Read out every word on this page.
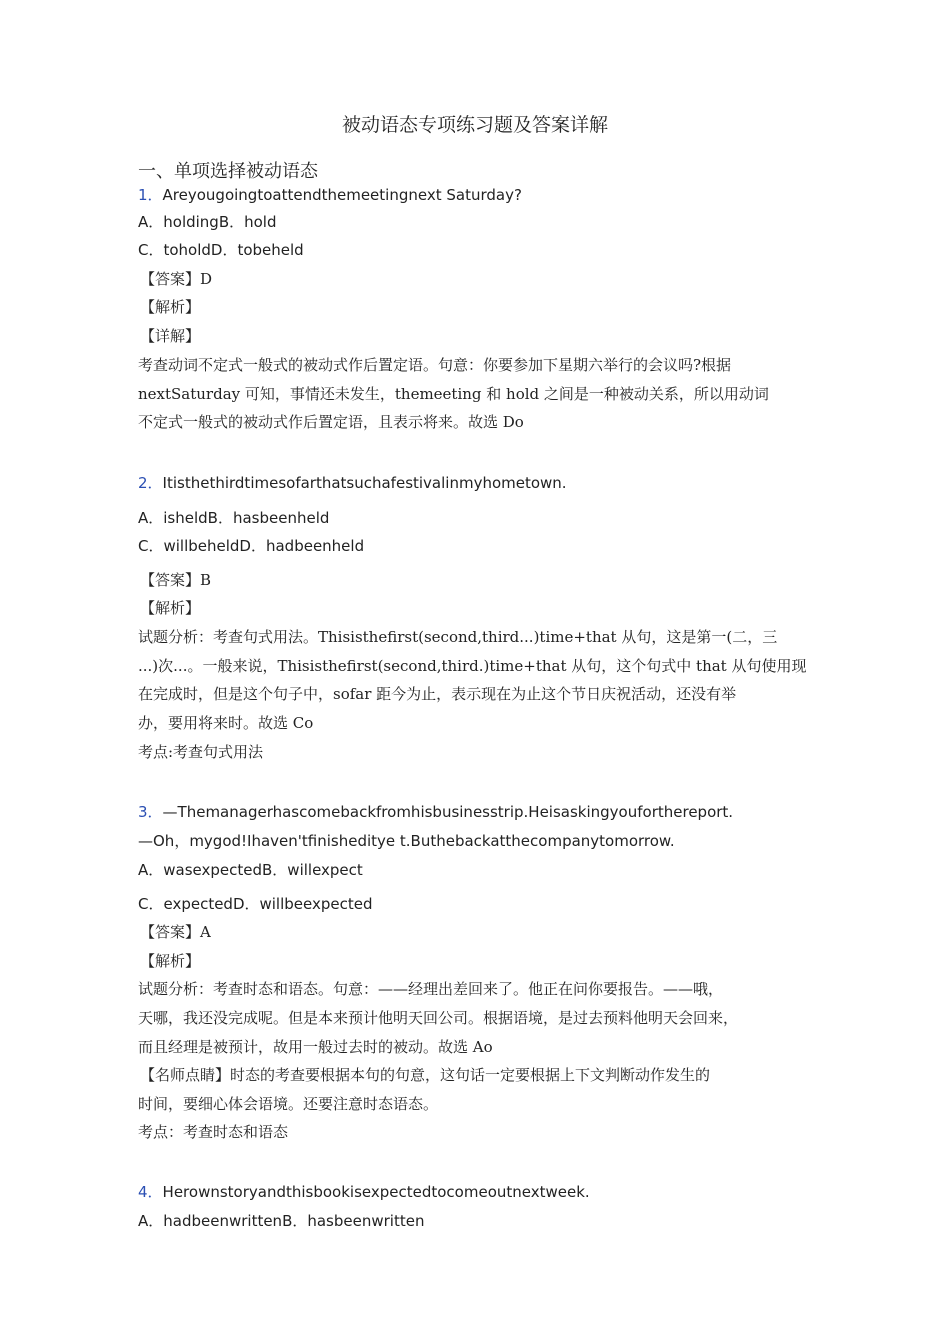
被动语态专项练习题及答案详解
一、单项选择被动语态
1．Areyougoingtoattendthemeetingnext Saturday?
A．holdingB．hold
C．toholdD．tobeheld
【答案】D
【解析】
【详解】
考查动词不定式一般式的被动式作后置定语。句意：你要参加下星期六举行的会议吗?根据
nextSaturday 可知，事情还未发生，themeeting 和 hold 之间是一种被动关系，所以用动词
不定式一般式的被动式作后置定语，且表示将来。故选 Do
2．Itisthethirdtimesofarthatsuchafestivalinmyhometown.
A．isheldB．hasbeenheld
C．willbeheldD．hadbeenheld
【答案】B
【解析】
试题分析：考查句式用法。Thisisthefirst(second,third...)time+that 从句，这是第一(二，三
...)次...。一般来说，Thisisthefirst(second,third.)time+that 从句，这个句式中 that 从句使用现
在完成时，但是这个句子中，sofar 距今为止，表示现在为止这个节日庆祝活动，还没有举
办，要用将来时。故选 Co
考点:考查句式用法
3．—Themanagerhascomebackfromhisbusinesstrip.Heisaskingyouforthereport.
—Oh，mygod!Ihaven'tfinisheditye t.Buthebackatthecompanytomorrow.
A．wasexpectedB．willexpect
C．expectedD．willbeexpected
【答案】A
【解析】
试题分析：考查时态和语态。句意：——经理出差回来了。他正在问你要报告。——哦，
天哪，我还没完成呢。但是本来预计他明天回公司。根据语境，是过去预料他明天会回来，
而且经理是被预计，故用一般过去时的被动。故选 Ao
【名师点睛】时态的考查要根据本句的句意，这句话一定要根据上下文判断动作发生的
时间，要细心体会语境。还要注意时态语态。
考点：考查时态和语态
4．Herownstoryandthisbookisexpectedtocomeoutnextweek.
A．hadbeenwrittenB．hasbeenwritten
